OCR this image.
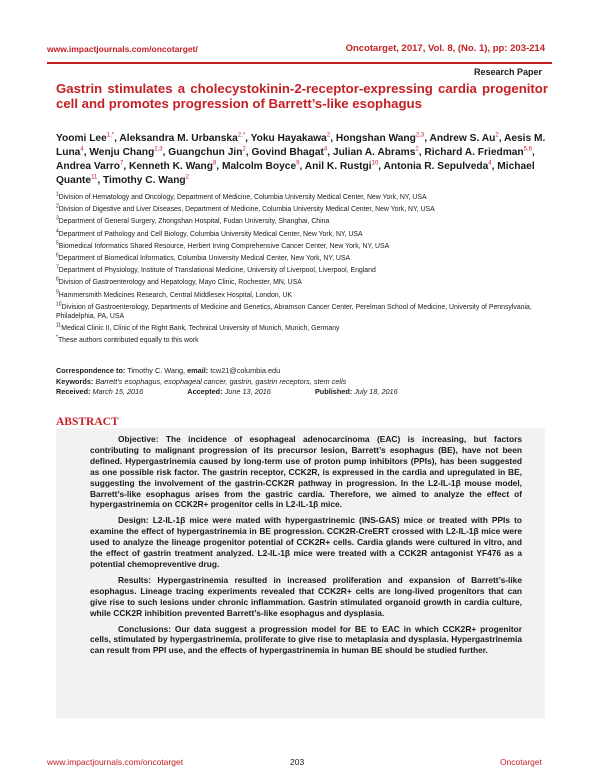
www.impactjournals.com/oncotarget/	Oncotarget, 2017, Vol. 8, (No. 1), pp: 203-214
Research Paper
Gastrin stimulates a cholecystokinin-2-receptor-expressing cardia progenitor cell and promotes progression of Barrett’s-like esophagus
Yoomi Lee$^{1,*}$, Aleksandra M. Urbanska$^{2,*}$, Yoku Hayakawa$^2$, Hongshan Wang$^{2,3}$, Andrew S. Au$^2$, Aesis M. Luna$^4$, Wenju Chang$^{2,3}$, Guangchun Jin$^2$, Govind Bhagat$^4$, Julian A. Abrams$^2$, Richard A. Friedman$^{5,6}$, Andrea Varro$^7$, Kenneth K. Wang$^8$, Malcolm Boyce$^9$, Anil K. Rustgi$^{10}$, Antonia R. Sepulveda$^4$, Michael Quante$^{11}$, Timothy C. Wang$^2$
$^1$Division of Hematology and Oncology, Department of Medicine, Columbia University Medical Center, New York, NY, USA
$^2$Division of Digestive and Liver Diseases, Department of Medicine, Columbia University Medical Center, New York, NY, USA
$^3$Department of General Surgery, Zhongshan Hospital, Fudan University, Shanghai, China
$^4$Department of Pathology and Cell Biology, Columbia University Medical Center, New York, NY, USA
$^5$Biomedical Informatics Shared Resource, Herbert Irving Comprehensive Cancer Center, New York, NY, USA
$^6$Department of Biomedical Informatics, Columbia University Medical Center, New York, NY, USA
$^7$Department of Physiology, Institute of Translational Medicine, University of Liverpool, Liverpool, England
$^8$Division of Gastroenterology and Hepatology, Mayo Clinic, Rochester, MN, USA
$^9$Hammersmith Medicines Research, Central Middlesex Hospital, London, UK
$^{10}$Division of Gastroenterology, Departments of Medicine and Genetics, Abramson Cancer Center, Perelman School of Medicine, University of Pennsylvania, Philadelphia, PA, USA
$^{11}$Medical Clinic II, Clinic of the Right Bank, Technical University of Munich, Munich, Germany
*These authors contributed equally to this work
Correspondence to: Timothy C. Wang, email: tcw21@columbia.edu
Keywords: Barrett’s esophagus, esophageal cancer, gastrin, gastrin receptors, stem cells
Received: March 15, 2016	Accepted: June 13, 2016	Published: July 18, 2016
ABSTRACT

Objective: The incidence of esophageal adenocarcinoma (EAC) is increasing, but factors contributing to malignant progression of its precursor lesion, Barrett’s esophagus (BE), have not been defined. Hypergastrinemia caused by long-term use of proton pump inhibitors (PPIs), has been suggested as one possible risk factor. The gastrin receptor, CCK2R, is expressed in the cardia and upregulated in BE, suggesting the involvement of the gastrin-CCK2R pathway in progression. In the L2-IL-1β mouse model, Barrett’s-like esophagus arises from the gastric cardia. Therefore, we aimed to analyze the effect of hypergastrinemia on CCK2R+ progenitor cells in L2-IL-1β mice.

Design: L2-IL-1β mice were mated with hypergastrinemic (INS-GAS) mice or treated with PPIs to examine the effect of hypergastrinemia in BE progression. CCK2R-CreERT crossed with L2-IL-1β mice were used to analyze the lineage progenitor potential of CCK2R+ cells. Cardia glands were cultured in vitro, and the effect of gastrin treatment analyzed. L2-IL-1β mice were treated with a CCK2R antagonist YF476 as a potential chemopreventive drug.

Results: Hypergastrinemia resulted in increased proliferation and expansion of Barrett’s-like esophagus. Lineage tracing experiments revealed that CCK2R+ cells are long-lived progenitors that can give rise to such lesions under chronic inflammation. Gastrin stimulated organoid growth in cardia culture, while CCK2R inhibition prevented Barrett’s-like esophagus and dysplasia.

Conclusions: Our data suggest a progression model for BE to EAC in which CCK2R+ progenitor cells, stimulated by hypergastrinemia, proliferate to give rise to metaplasia and dysplasia. Hypergastrinemia can result from PPI use, and the effects of hypergastrinemia in human BE should be studied further.

www.impactjournals.com/oncotarget	203	Oncotarget
